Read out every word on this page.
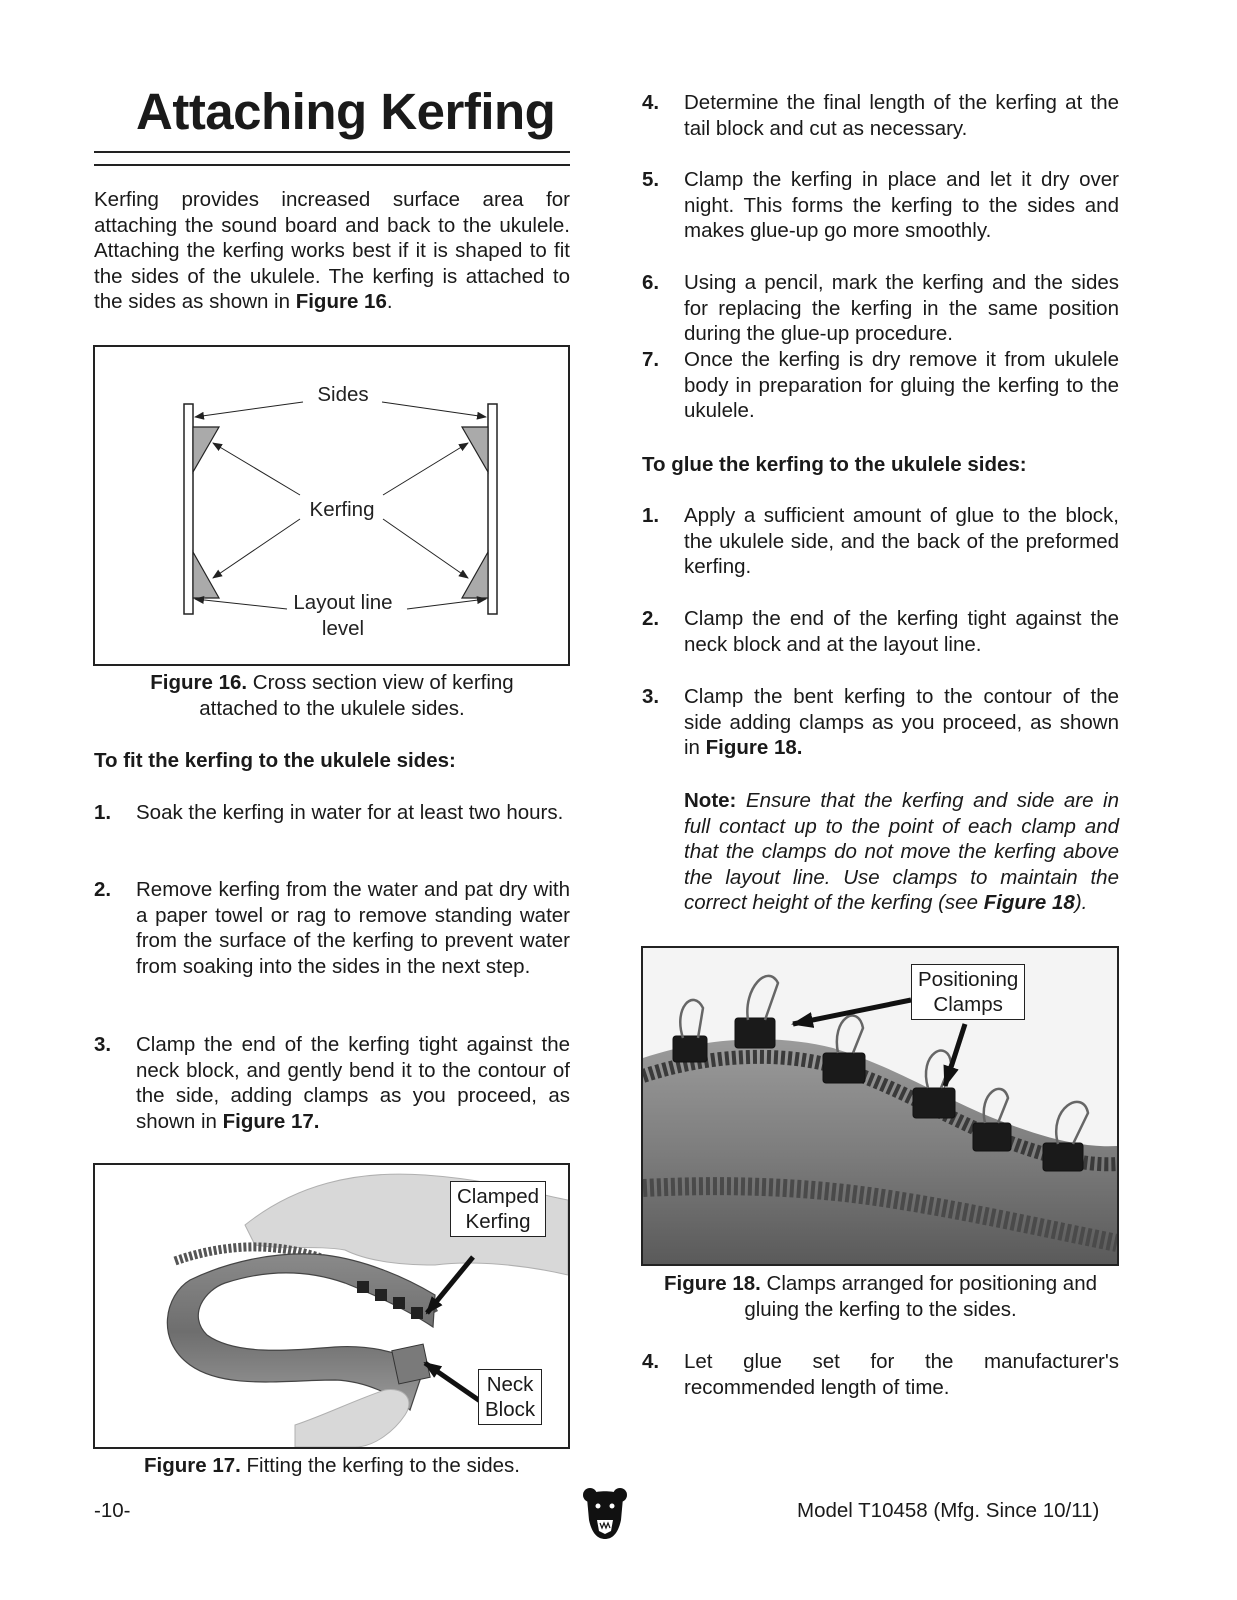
Attaching Kerfing

Kerfing provides increased surface area for attaching the sound board and back to the ukulele. Attaching the kerfing works best if it is shaped to fit the sides of the ukulele. The kerfing is attached to the sides as shown in Figure 16.

Sides
Kerfing
Layout line
level
Figure 16. Cross section view of kerfing
attached to the ukulele sides.

To fit the kerfing to the ukulele sides:

1.	Soak the kerfing in water for at least two hours.
2.	Remove kerfing from the water and pat dry with a paper towel or rag to remove standing water from the surface of the kerfing to prevent water from soaking into the sides in the next step.
3.	Clamp the end of the kerfing tight against the neck block, and gently bend it to the contour of the side, adding clamps as you proceed, as shown in Figure 17.
Clamped
Kerfing
Neck
Block
Figure 17. Fitting the kerfing to the sides.
4.	Determine the final length of the kerfing at the tail block and cut as necessary.
5.	Clamp the kerfing in place and let it dry over night. This forms the kerfing to the sides and makes glue-up go more smoothly.
6.	Using a pencil, mark the kerfing and the sides for replacing the kerfing in the same position during the glue-up procedure.
7.	Once the kerfing is dry remove it from ukulele body in preparation for gluing the kerfing to the ukulele.

To glue the kerfing to the ukulele sides:

1.	Apply a sufficient amount of glue to the block, the ukulele side, and the back of the preformed kerfing.
2.	Clamp the end of the kerfing tight against the neck block and at the layout line.
3.	Clamp the bent kerfing to the contour of the side adding clamps as you proceed, as shown in Figure 18.
Note: Ensure that the kerfing and side are in full contact up to the point of each clamp and that the clamps do not move the kerfing above the layout line. Use clamps to maintain the correct height of the kerfing (see Figure 18).
Positioning
Clamps
Figure 18. Clamps arranged for positioning and
gluing the kerfing to the sides.
4.	Let glue set for the manufacturer's recommended length of time.
-10-	Model T10458 (Mfg. Since 10/11)
